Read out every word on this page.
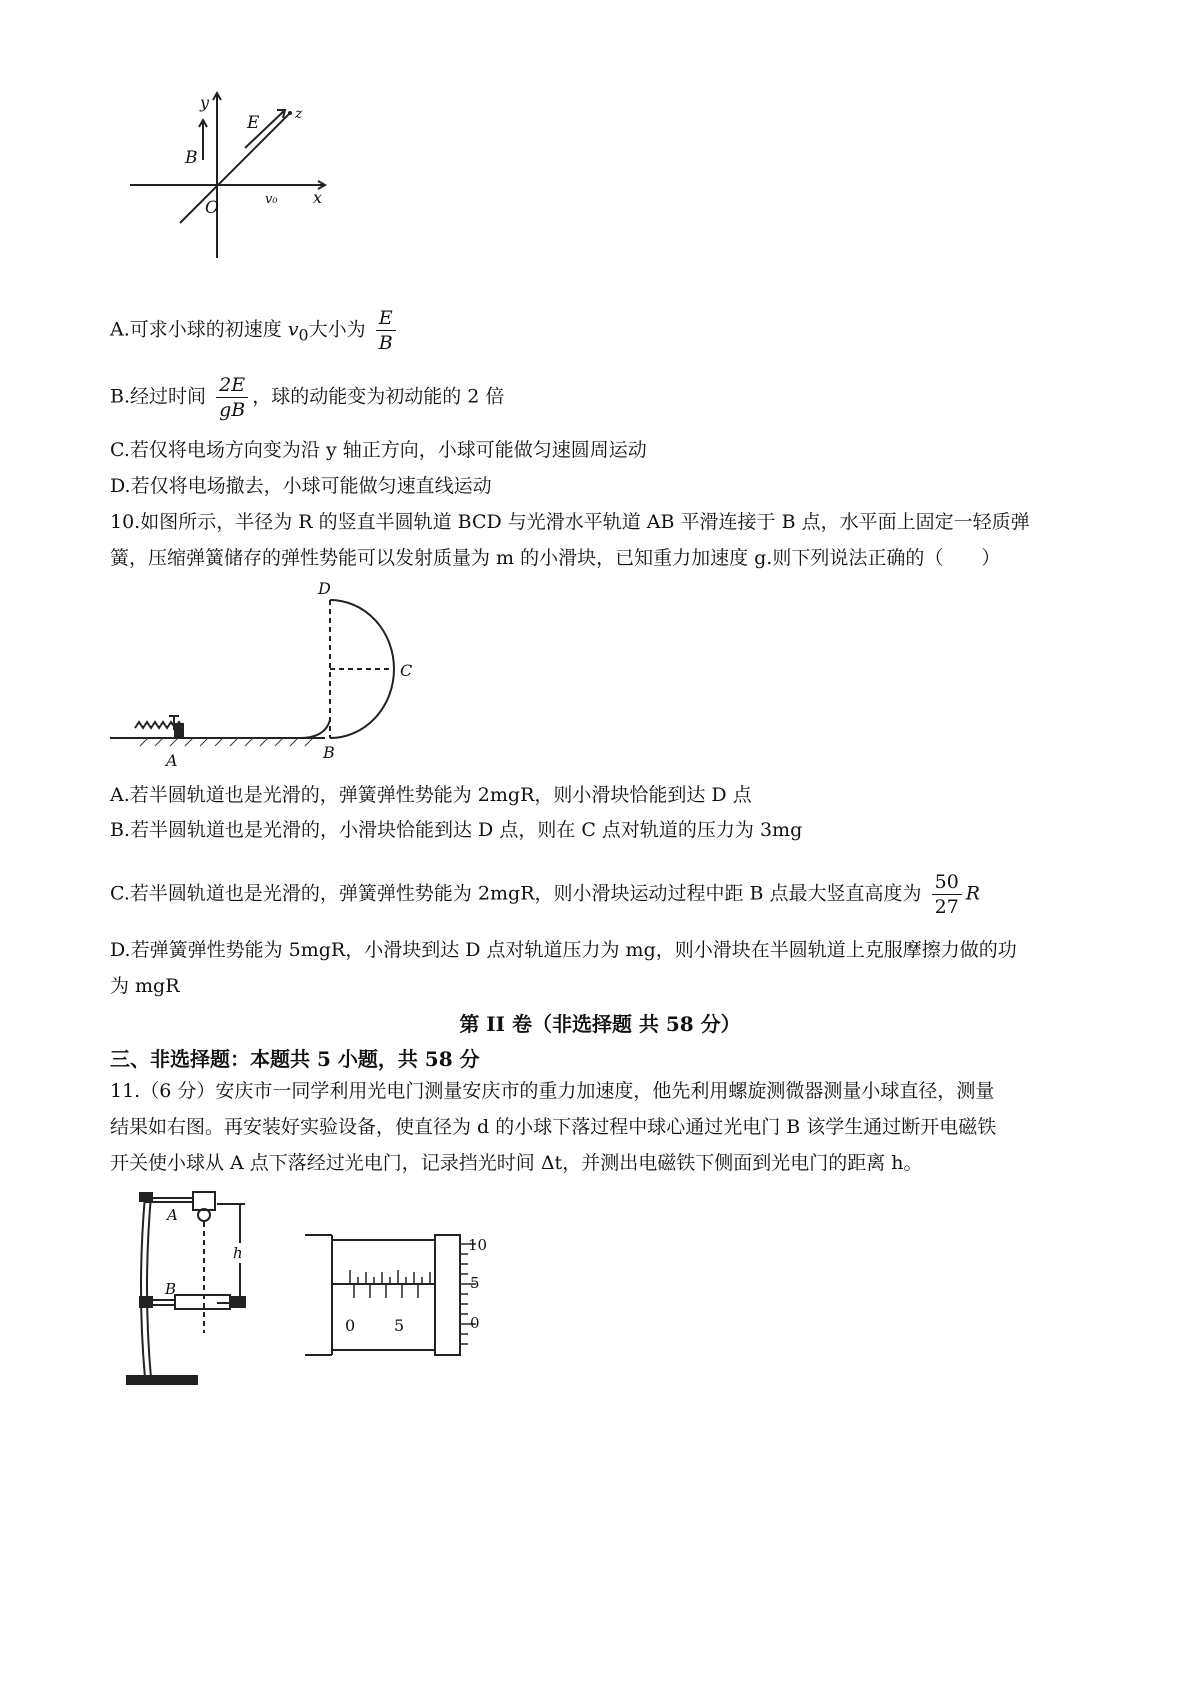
y
E	z
B
O	v₀ x
A.可求小球的初速度 $v_0$大小为 $\frac{E}{B}$
B.经过时间 $\frac{2E}{gB}$ ，球的动能变为初动能的 2 倍
C.若仅将电场方向变为沿 y 轴正方向，小球可能做匀速圆周运动
D.若仅将电场撤去，小球可能做匀速直线运动
10.如图所示，半径为 R 的竖直半圆轨道 BCD 与光滑水平轨道 AB 平滑连接于 B 点，水平面上固定一轻质弹
簧，压缩弹簧储存的弹性势能可以发射质量为 m 的小滑块，已知重力加速度 g.则下列说法正确的（　　）
D
C
B
A
A.若半圆轨道也是光滑的，弹簧弹性势能为 2mgR，则小滑块恰能到达 D 点
B.若半圆轨道也是光滑的，小滑块恰能到达 D 点，则在 C 点对轨道的压力为 3mg
C.若半圆轨道也是光滑的，弹簧弹性势能为 2mgR，则小滑块运动过程中距 B 点最大竖直高度为 $\frac{50}{27}$ R
D.若弹簧弹性势能为 5mgR，小滑块到达 D 点对轨道压力为 mg，则小滑块在半圆轨道上克服摩擦力做的功
为 mgR
第 II 卷（非选择题 共 58 分）
三、非选择题：本题共 5 小题，共 58 分
11.（6 分）安庆市一同学利用光电门测量安庆市的重力加速度，他先利用螺旋测微器测量小球直径，测量
结果如右图。再安装好实验设备，使直径为 d 的小球下落过程中球心通过光电门 B 该学生通过断开电磁铁
开关使小球从 A 点下落经过光电门，记录挡光时间 Δt，并测出电磁铁下侧面到光电门的距离 h。
A
h
B
10
5
0
0 5
